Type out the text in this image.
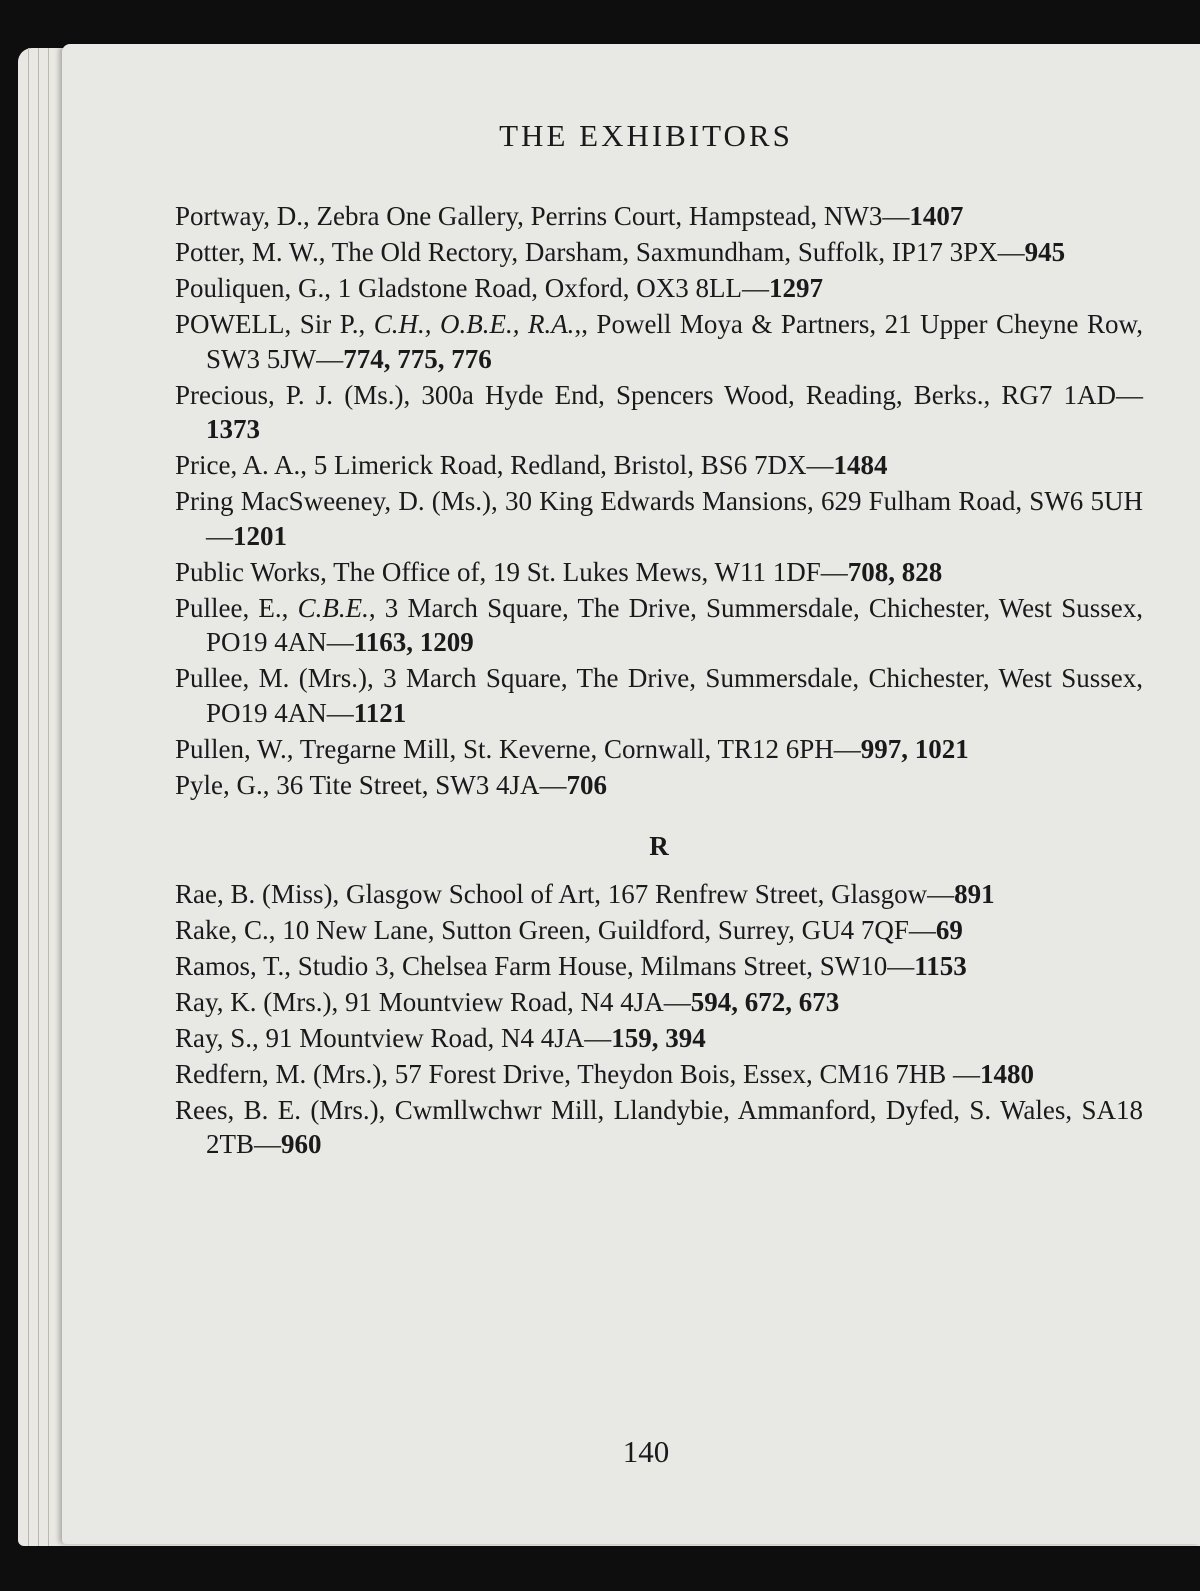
THE EXHIBITORS
Portway, D., Zebra One Gallery, Perrins Court, Hampstead, NW3—1407
Potter, M. W., The Old Rectory, Darsham, Saxmundham, Suffolk, IP17 3PX—945
Pouliquen, G., 1 Gladstone Road, Oxford, OX3 8LL—1297
POWELL, Sir P., C.H., O.B.E., R.A.,, Powell Moya & Partners, 21 Upper Cheyne Row, SW3 5JW—774, 775, 776
Precious, P. J. (Ms.), 300a Hyde End, Spencers Wood, Reading, Berks., RG7 1AD—1373
Price, A. A., 5 Limerick Road, Redland, Bristol, BS6 7DX—1484
Pring MacSweeney, D. (Ms.), 30 King Edwards Mansions, 629 Fulham Road, SW6 5UH—1201
Public Works, The Office of, 19 St. Lukes Mews, W11 1DF—708, 828
Pullee, E., C.B.E., 3 March Square, The Drive, Summersdale, Chichester, West Sussex, PO19 4AN—1163, 1209
Pullee, M. (Mrs.), 3 March Square, The Drive, Summersdale, Chichester, West Sussex, PO19 4AN—1121
Pullen, W., Tregarne Mill, St. Keverne, Cornwall, TR12 6PH—997, 1021
Pyle, G., 36 Tite Street, SW3 4JA—706
R
Rae, B. (Miss), Glasgow School of Art, 167 Renfrew Street, Glasgow—891
Rake, C., 10 New Lane, Sutton Green, Guildford, Surrey, GU4 7QF—69
Ramos, T., Studio 3, Chelsea Farm House, Milmans Street, SW10—1153
Ray, K. (Mrs.), 91 Mountview Road, N4 4JA—594, 672, 673
Ray, S., 91 Mountview Road, N4 4JA—159, 394
Redfern, M. (Mrs.), 57 Forest Drive, Theydon Bois, Essex, CM16 7HB —1480
Rees, B. E. (Mrs.), Cwmllwchwr Mill, Llandybie, Ammanford, Dyfed, S. Wales, SA18 2TB—960
140
